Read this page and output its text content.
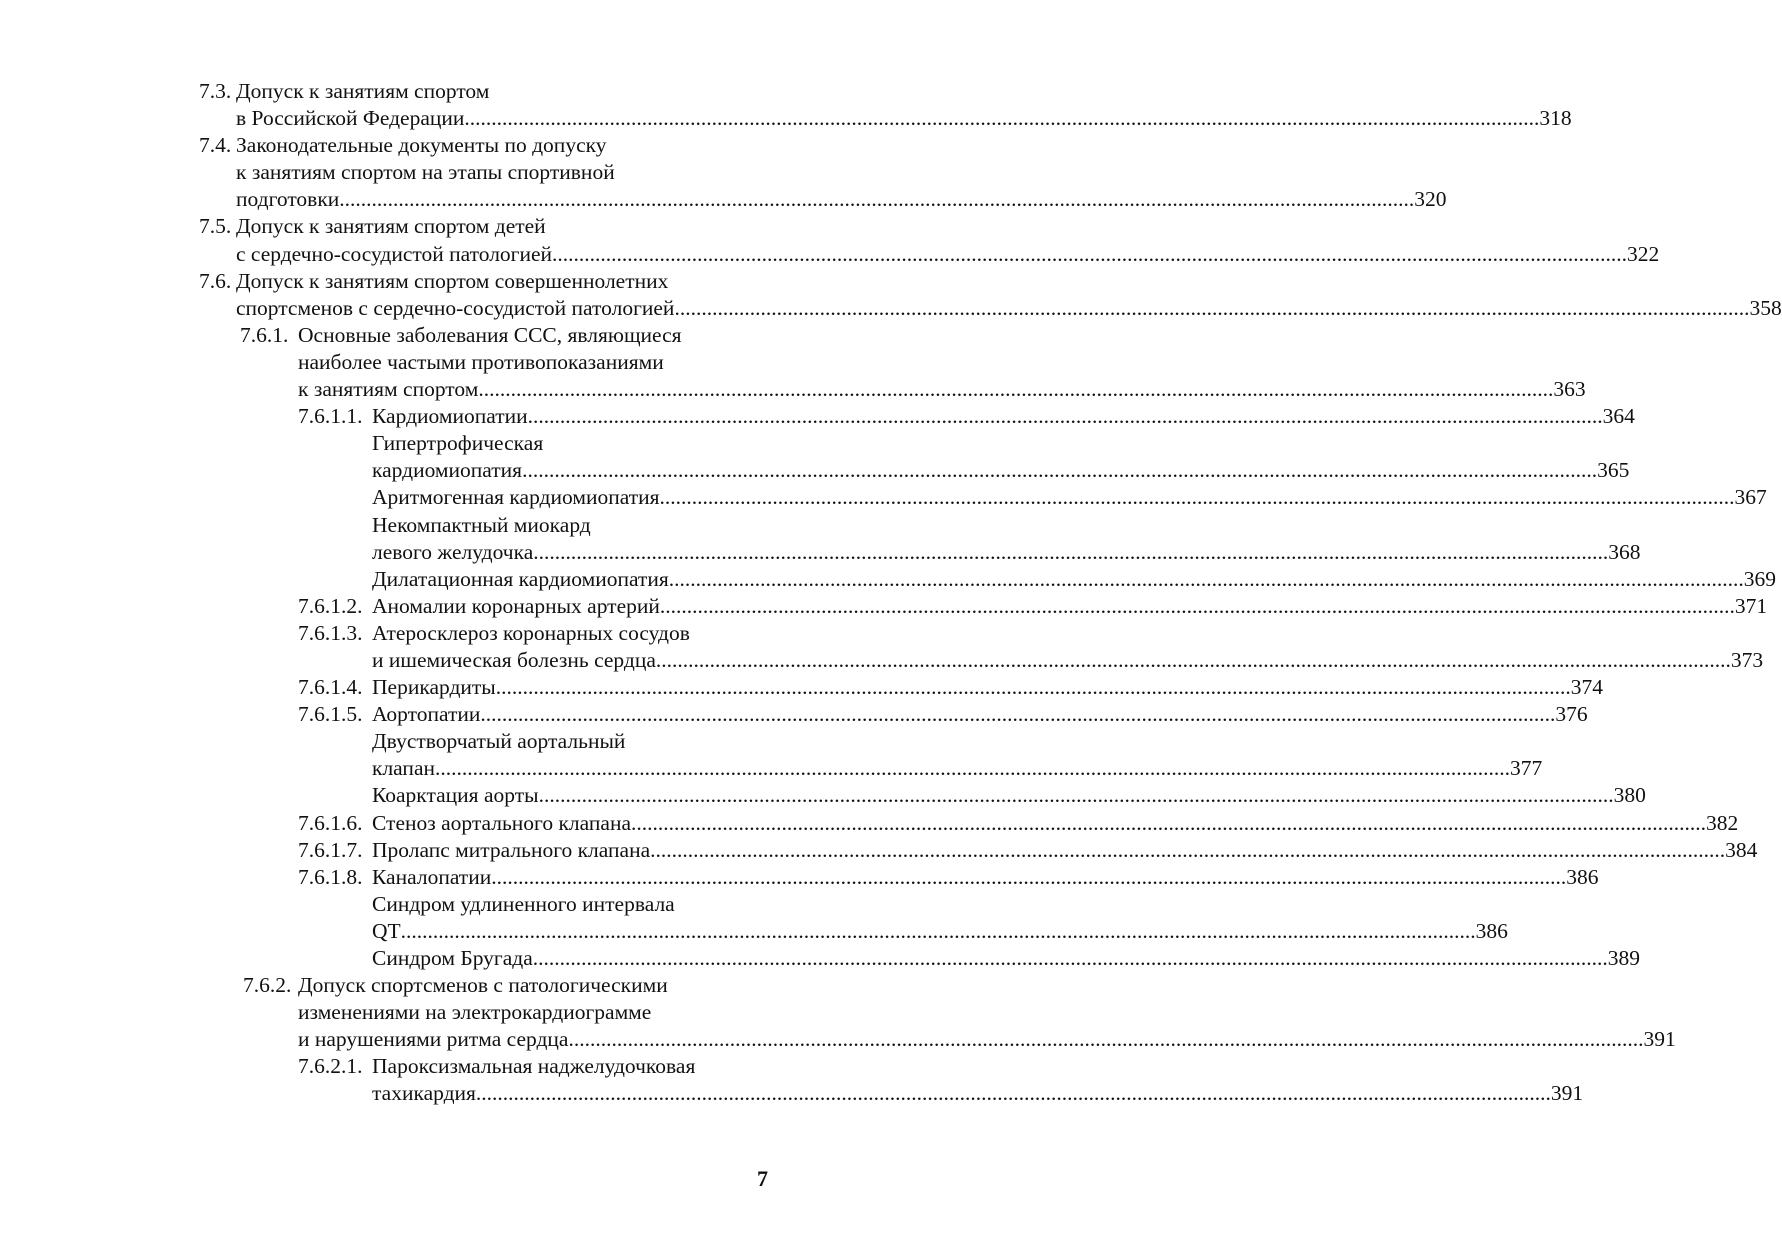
7.3. Допуск к занятиям спортом
в Российской Федерации ........................................................................................................................................................................................................ 318
7.4. Законодательные документы по допуску
к занятиям спортом на этапы спортивной
подготовки ........................................................................................................................................................................................................ 320
7.5. Допуск к занятиям спортом детей
с сердечно-сосудистой патологией ........................................................................................................................................................................................................ 322
7.6. Допуск к занятиям спортом совершеннолетних
спортсменов с сердечно-сосудистой патологией ........................................................................................................................................................................................................ 358
7.6.1. Основные заболевания ССС, являющиеся
наиболее частыми противопоказаниями
к занятиям спортом ........................................................................................................................................................................................................ 363
7.6.1.1. Кардиомиопатии ........................................................................................................................................................................................................ 364
Гипертрофическая
кардиомиопатия ........................................................................................................................................................................................................ 365
Аритмогенная кардиомиопатия ........................................................................................................................................................................................................ 367
Некомпактный миокард
левого желудочка ........................................................................................................................................................................................................ 368
Дилатационная кардиомиопатия ........................................................................................................................................................................................................ 369
7.6.1.2. Аномалии коронарных артерий ........................................................................................................................................................................................................ 371
7.6.1.3. Атеросклероз коронарных сосудов
и ишемическая болезнь сердца ........................................................................................................................................................................................................ 373
7.6.1.4. Перикардиты ........................................................................................................................................................................................................ 374
7.6.1.5. Аортопатии ........................................................................................................................................................................................................ 376
Двустворчатый аортальный
клапан ........................................................................................................................................................................................................ 377
Коарктация аорты ........................................................................................................................................................................................................ 380
7.6.1.6. Стеноз аортального клапана ........................................................................................................................................................................................................ 382
7.6.1.7. Пролапс митрального клапана ........................................................................................................................................................................................................ 384
7.6.1.8. Каналопатии ........................................................................................................................................................................................................ 386
Синдром удлиненного интервала
QT ........................................................................................................................................................................................................ 386
Синдром Бругада ........................................................................................................................................................................................................ 389
7.6.2. Допуск спортсменов с патологическими
изменениями на электрокардиограмме
и нарушениями ритма сердца ........................................................................................................................................................................................................ 391
7.6.2.1. Пароксизмальная наджелудочковая
тахикардия ........................................................................................................................................................................................................ 391
7
